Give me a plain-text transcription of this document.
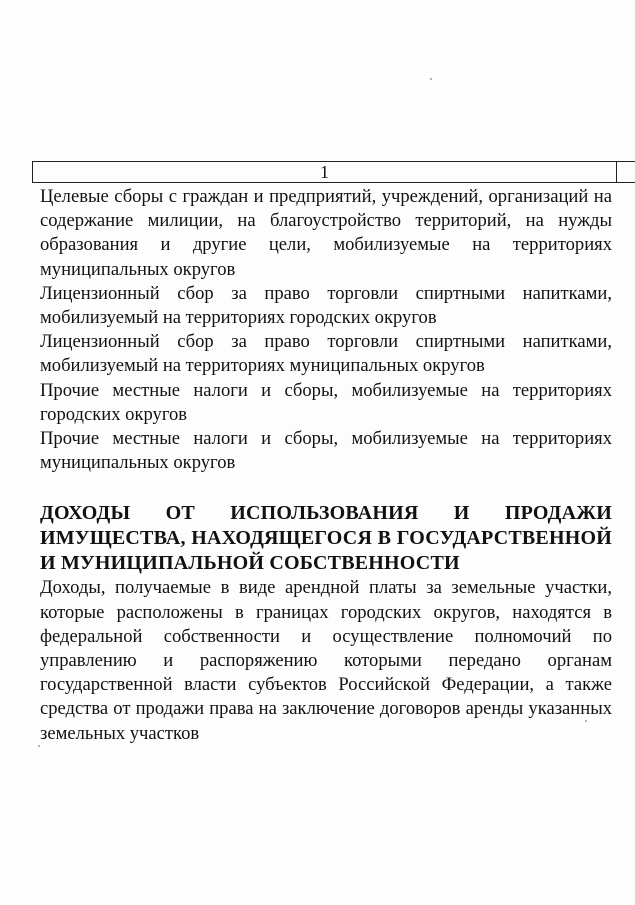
1

Целевые сборы с граждан и предприятий, учреждений, организаций на содержание милиции, на благоустройство территорий, на нужды образования и другие цели, мобилизуемые на территориях муниципальных округов

Лицензионный сбор за право торговли спиртными напитками, мобилизуемый на территориях городских округов

Лицензионный сбор за право торговли спиртными напитками, мобилизуемый на территориях муниципальных округов

Прочие местные налоги и сборы, мобилизуемые на территориях городских округов

Прочие местные налоги и сборы, мобилизуемые на территориях муниципальных округов

ДОХОДЫ ОТ ИСПОЛЬЗОВАНИЯ И ПРОДАЖИ ИМУЩЕСТВА, НАХОДЯЩЕГОСЯ В ГОСУДАРСТВЕННОЙ И МУНИЦИПАЛЬНОЙ СОБСТВЕННОСТИ

Доходы, получаемые в виде арендной платы за земельные участки, которые расположены в границах городских округов, находятся в федеральной собственности и осуществление полномочий по управлению и распоряжению которыми передано органам государственной власти субъектов Российской Федерации, а также средства от продажи права на заключение договоров аренды указанных земельных участков
